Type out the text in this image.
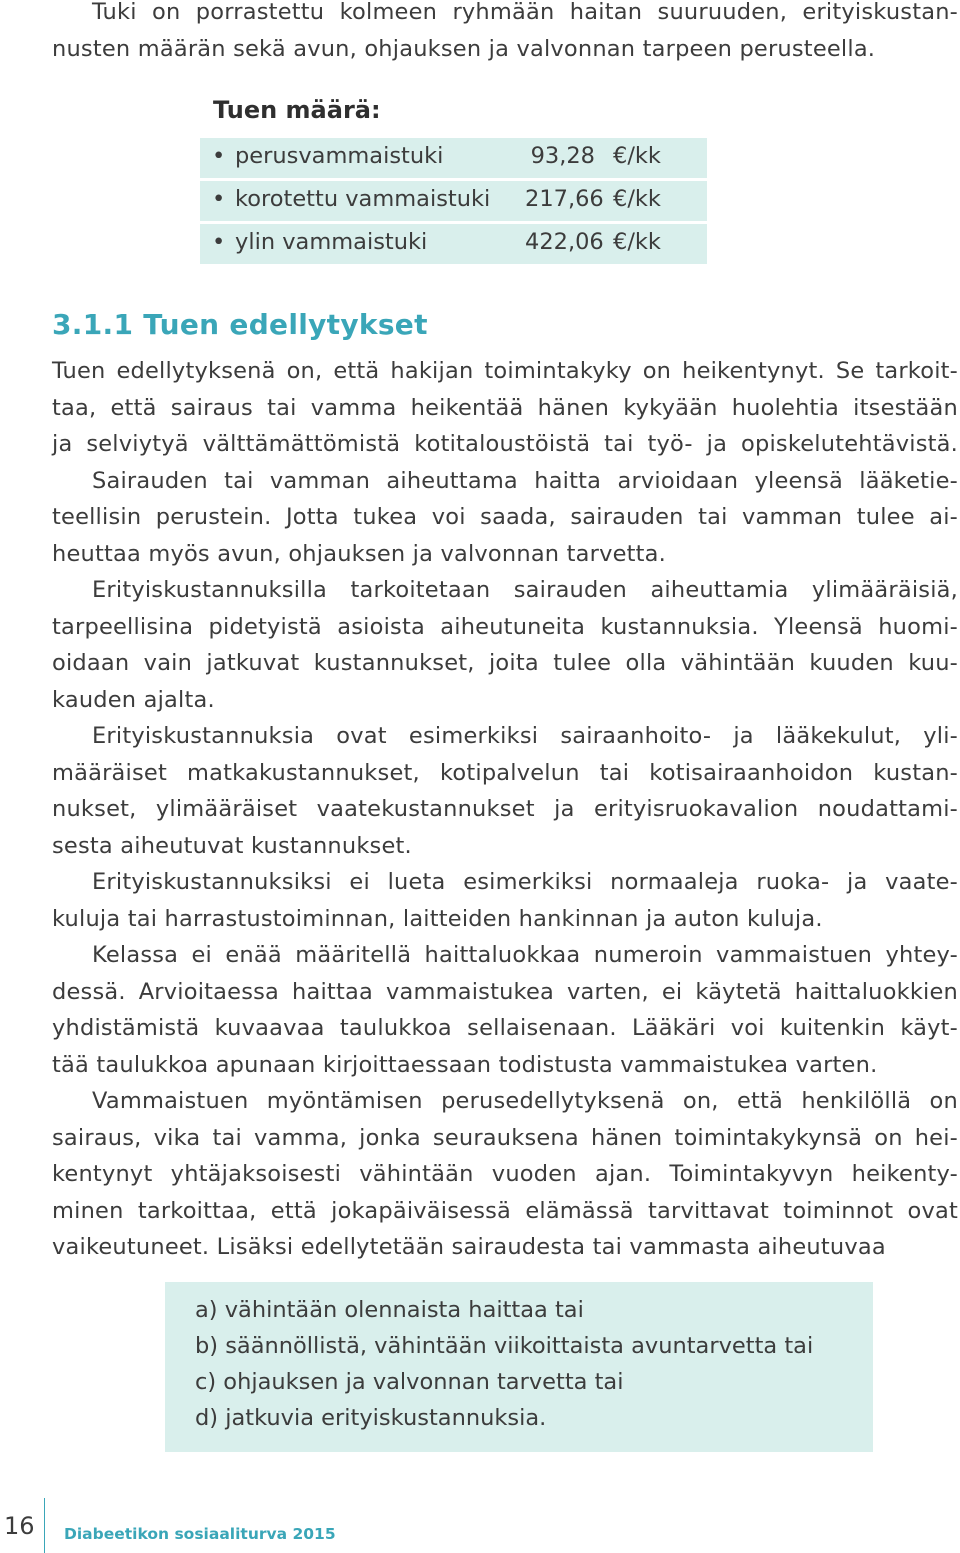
Tuki on porrastettu kolmeen ryhmään haitan suuruuden, erityiskustan-
nusten määrän sekä avun, ohjauksen ja valvonnan tarpeen perusteella.
Tuen määrä:
• perusvammaistuki	93,28 €/kk
• korotettu vammaistuki 217,66 €/kk
• ylin vammaistuki	422,06 €/kk
3.1.1 Tuen edellytykset
Tuen edellytyksenä on, että hakijan toimintakyky on heikentynyt. Se tarkoit-
taa, että sairaus tai vamma heikentää hänen kykyään huolehtia itsestään
ja selviytyä välttämättömistä kotitaloustöistä tai työ- ja opiskelutehtävistä.
Sairauden tai vamman aiheuttama haitta arvioidaan yleensä lääketie-
teellisin perustein. Jotta tukea voi saada, sairauden tai vamman tulee ai-
heuttaa myös avun, ohjauksen ja valvonnan tarvetta.
Erityiskustannuksilla tarkoitetaan sairauden aiheuttamia ylimääräisiä,
tarpeellisina pidetyistä asioista aiheutuneita kustannuksia. Yleensä huomi-
oidaan vain jatkuvat kustannukset, joita tulee olla vähintään kuuden kuu-
kauden ajalta.
Erityiskustannuksia ovat esimerkiksi sairaanhoito- ja lääkekulut, yli-
määräiset matkakustannukset, kotipalvelun tai kotisairaanhoidon kustan-
nukset, ylimääräiset vaatekustannukset ja erityisruokavalion noudattami-
sesta aiheutuvat kustannukset.
Erityiskustannuksiksi ei lueta esimerkiksi normaaleja ruoka- ja vaate-
kuluja tai harrastustoiminnan, laitteiden hankinnan ja auton kuluja.
Kelassa ei enää määritellä haittaluokkaa numeroin vammaistuen yhtey-
dessä. Arvioitaessa haittaa vammaistukea varten, ei käytetä haittaluokkien
yhdistämistä kuvaavaa taulukkoa sellaisenaan. Lääkäri voi kuitenkin käyt-
tää taulukkoa apunaan kirjoittaessaan todistusta vammaistukea varten.
Vammaistuen myöntämisen perusedellytyksenä on, että henkilöllä on
sairaus, vika tai vamma, jonka seurauksena hänen toimintakykynsä on hei-
kentynyt yhtäjaksoisesti vähintään vuoden ajan. Toimintakyvyn heikenty-
minen tarkoittaa, että jokapäiväisessä elämässä tarvittavat toiminnot ovat
vaikeutuneet. Lisäksi edellytetään sairaudesta tai vammasta aiheutuvaa
a) vähintään olennaista haittaa tai
b) säännöllistä, vähintään viikoittaista avuntarvetta tai
c) ohjauksen ja valvonnan tarvetta tai
d) jatkuvia erityiskustannuksia.
16 Diabeetikon sosiaaliturva 2015
